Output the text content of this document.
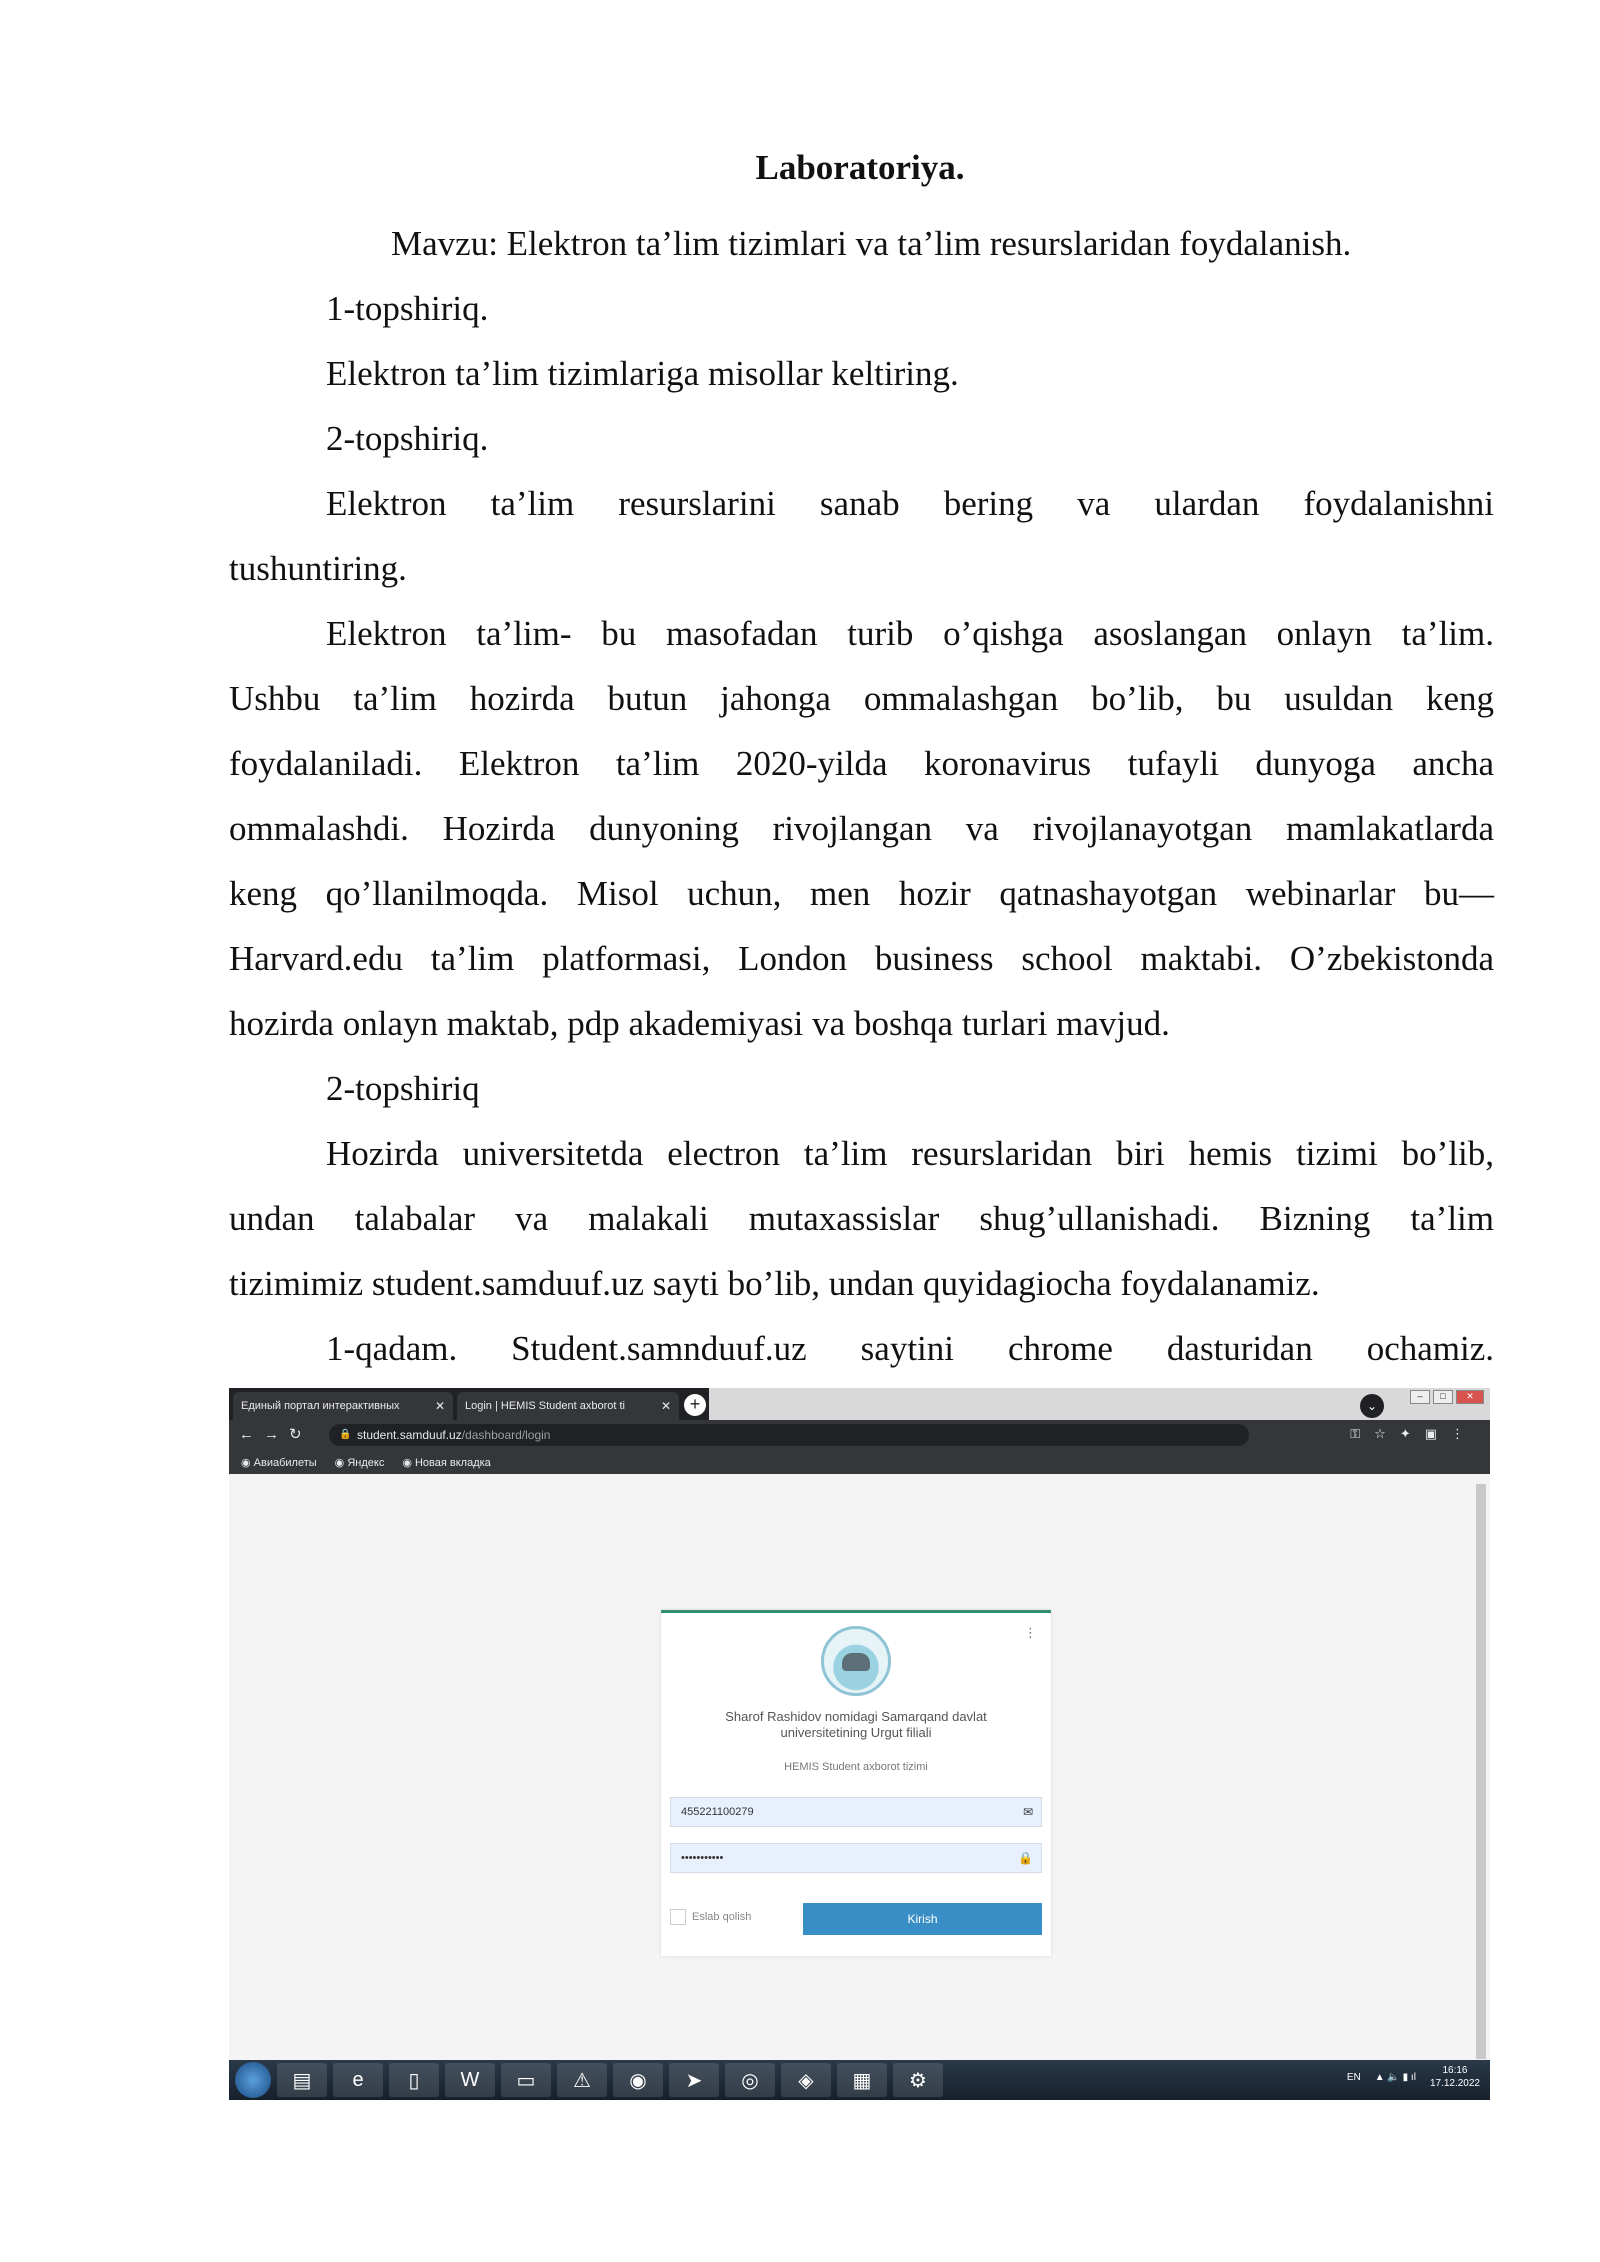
Laboratoriya.
Mavzu: Elektron ta’lim tizimlari va ta’lim resurslaridan foydalanish.
1-topshiriq.
Elektron ta’lim tizimlariga misollar keltiring.
2-topshiriq.
Elektron ta’lim resurslarini sanab bering va ulardan foydalanishni
tushuntiring.
Elektron ta’lim- bu masofadan turib o’qishga asoslangan onlayn ta’lim.
Ushbu ta’lim hozirda butun jahonga ommalashgan bo’lib, bu usuldan keng
foydalaniladi. Elektron ta’lim 2020-yilda koronavirus tufayli dunyoga ancha
ommalashdi. Hozirda dunyoning rivojlangan va rivojlanayotgan mamlakatlarda
keng qo’llanilmoqda. Misol uchun, men hozir qatnashayotgan webinarlar bu—
Harvard.edu ta’lim platformasi, London business school maktabi. O’zbekistonda
hozirda onlayn maktab, pdp akademiyasi va boshqa turlari mavjud.
2-topshiriq
Hozirda universitetda electron ta’lim resurslaridan biri hemis tizimi bo’lib,
undan talabalar va malakali mutaxassislar shug’ullanishadi. Bizning ta’lim
tizimimiz student.samduuf.uz sayti bo’lib, undan quyidagiocha foydalanamiz.
1-qadam. Student.samnduuf.uz saytini chrome dasturidan ochamiz.
Единый портал интерактивных	✕ Login | HEMIS Student axborot ti	✕	+	⌄
–	□	✕
←→↻	🔒 student.samduuf.uz/dashboard/login	⚿☆✦▣⋮
◉ Авиабилеты	◉ Яндекс	◉ Новая вкладка
⋮
Sharof Rashidov nomidagi Samarqand davlat universitetining Urgut filiali
HEMIS Student axborot tizimi
455221100279	✉
•••••••••••	🔒
Eslab qolish	Kirish
▤	e	▯	W	▭	⚠	◉	➤	◎	◈	▦	⚙	EN ▲ 🔈 ▮ ıl
16:16
17.12.2022
